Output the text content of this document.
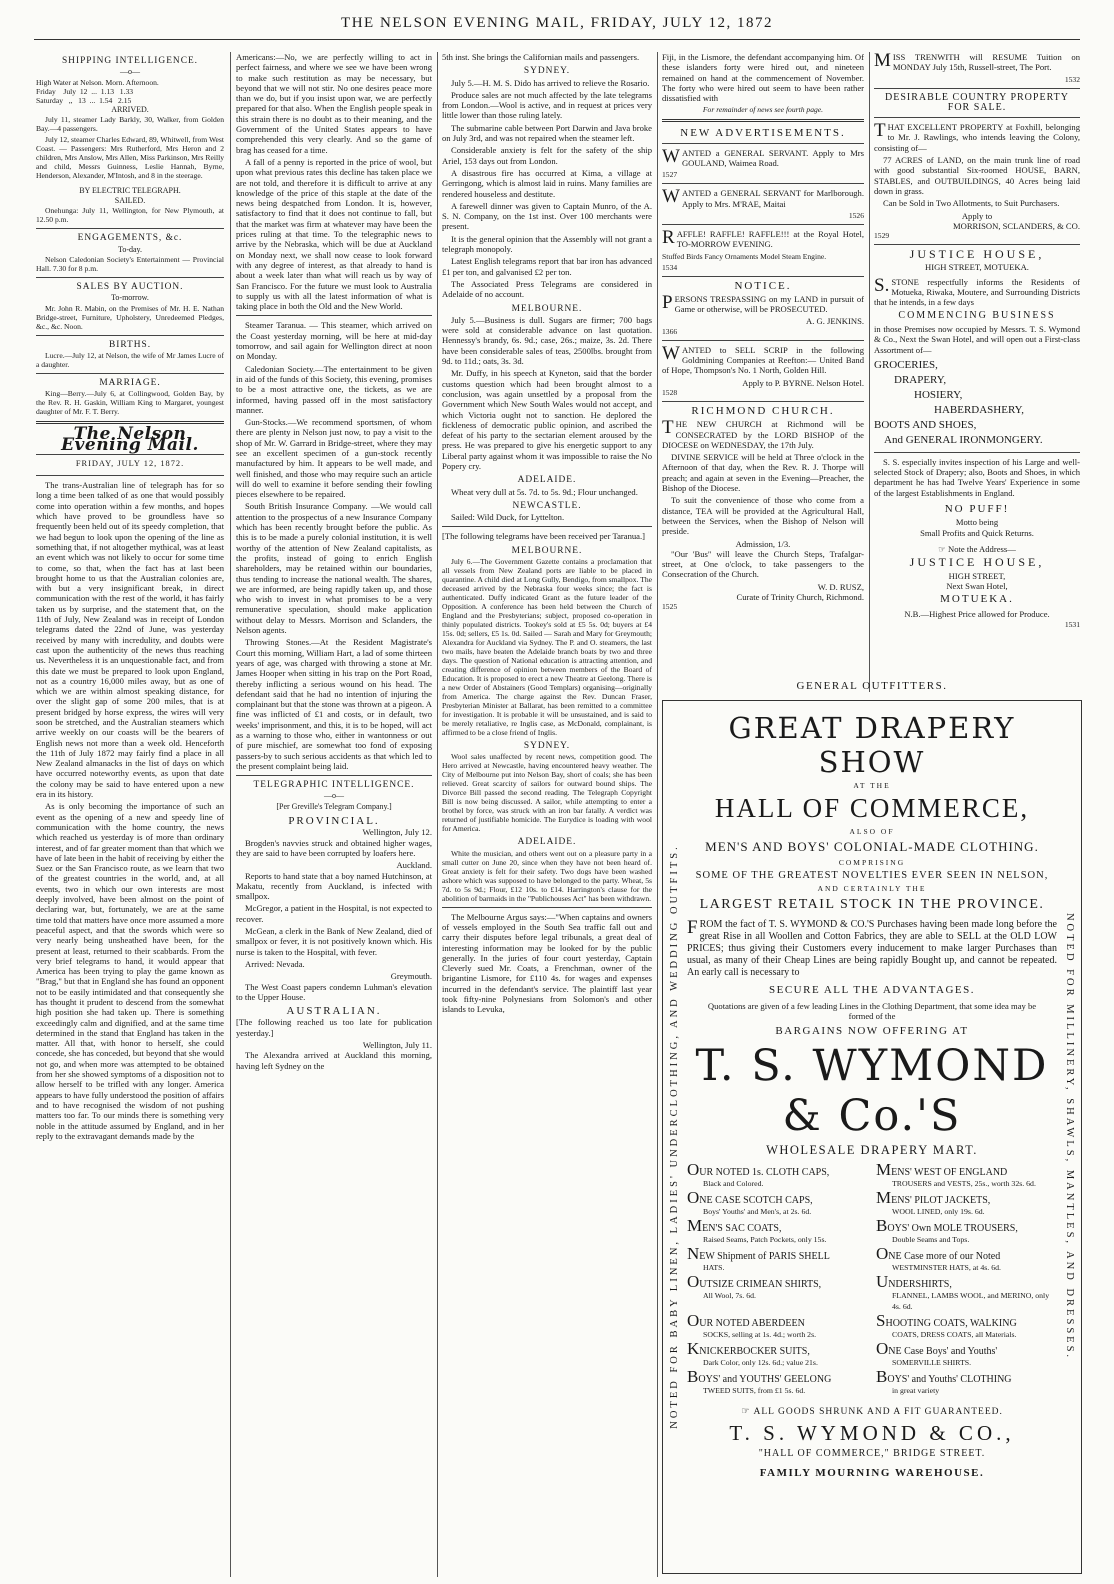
THE NELSON EVENING MAIL, FRIDAY, JULY 12, 1872
SHIPPING INTELLIGENCE.
—o—
High Water at Nelson. Morn. Afternoon.
Friday    July  12  ...  1.13   1.33
Saturday   ,,   13  ...  1.54   2.15
ARRIVED.

July 11, steamer Lady Barkly, 30, Walker, from Golden Bay.—4 passengers.

July 12, steamer Charles Edward, 89, Whitwell, from West Coast. — Passengers: Mrs Rutherford, Mrs Heron and 2 children, Mrs Anslow, Mrs Allen, Miss Parkinson, Mrs Reilly and child, Messrs Guinness, Leslie Hannah, Byrne, Henderson, Alexander, M'Intosh, and 8 in the steerage.

BY ELECTRIC TELEGRAPH.
SAILED.

Onehunga: July 11, Wellington, for New Plymouth, at 12.50 p.m.

ENGAGEMENTS, &c.
To-day.

Nelson Caledonian Society's Entertainment — Provincial Hall. 7.30 for 8 p.m.

SALES BY AUCTION.
To-morrow.

Mr. John R. Mabin, on the Premises of Mr. H. E. Nathan Bridge-street, Furniture, Upholstery, Unredeemed Pledges, &c., &c. Noon.

BIRTHS.

Lucre.—July 12, at Nelson, the wife of Mr James Lucre of a daughter.

MARRIAGE.

King—Berry.—July 6, at Collingwood, Golden Bay, by the Rev. R. H. Gaskin, William King to Margaret, youngest daughter of Mr. F. T. Berry.

The Nelson Evening Mail.
FRIDAY, JULY 12, 1872.

The trans-Australian line of telegraph has for so long a time been talked of as one that would possibly come into operation within a few months, and hopes which have proved to be groundless have so frequently been held out of its speedy completion, that we had begun to look upon the opening of the line as something that, if not altogether mythical, was at least an event which was not likely to occur for some time to come, so that, when the fact has at last been brought home to us that the Australian colonies are, with but a very insignificant break, in direct communication with the rest of the world, it has fairly taken us by surprise, and the statement that, on the 11th of July, New Zealand was in receipt of London telegrams dated the 22nd of June, was yesterday received by many with incredulity, and doubts were cast upon the authenticity of the news thus reaching us. Nevertheless it is an unquestionable fact, and from this date we must be prepared to look upon England, not as a country 16,000 miles away, but as one of which we are within almost speaking distance, for over the slight gap of some 200 miles, that is at present bridged by horse express, the wires will very soon be stretched, and the Australian steamers which arrive weekly on our coasts will be the bearers of English news not more than a week old. Henceforth the 11th of July 1872 may fairly find a place in all New Zealand almanacks in the list of days on which have occurred noteworthy events, as upon that date the colony may be said to have entered upon a new era in its history.

As is only becoming the importance of such an event as the opening of a new and speedy line of communication with the home country, the news which reached us yesterday is of more than ordinary interest, and of far greater moment than that which we have of late been in the habit of receiving by either the Suez or the San Francisco route, as we learn that two of the greatest countries in the world, and, at all events, two in which our own interests are most deeply involved, have been almost on the point of declaring war, but, fortunately, we are at the same time told that matters have once more assumed a more peaceful aspect, and that the swords which were so very nearly being unsheathed have been, for the present at least, returned to their scabbards. From the very brief telegrams to hand, it would appear that America has been trying to play the game known as "Brag," but that in England she has found an opponent not to be easily intimidated and that consequently she has thought it prudent to descend from the somewhat high position she had taken up. There is something exceedingly calm and dignified, and at the same time determined in the stand that England has taken in the matter. All that, with honor to herself, she could concede, she has conceded, but beyond that she would not go, and when more was attempted to be obtained from her she showed symptoms of a disposition not to allow herself to be trifled with any longer. America appears to have fully understood the position of affairs and to have recognised the wisdom of not pushing matters too far. To our minds there is something very noble in the attitude assumed by England, and in her reply to the extravagant demands made by the

Americans:—No, we are perfectly willing to act in perfect fairness, and where we see we have been wrong to make such restitution as may be necessary, but beyond that we will not stir. No one desires peace more than we do, but if you insist upon war, we are perfectly prepared for that also. When the English people speak in this strain there is no doubt as to their meaning, and the Government of the United States appears to have comprehended this very clearly. And so the game of brag has ceased for a time.

A fall of a penny is reported in the price of wool, but upon what previous rates this decline has taken place we are not told, and therefore it is difficult to arrive at any knowledge of the price of this staple at the date of the news being despatched from London. It is, however, satisfactory to find that it does not continue to fall, but that the market was firm at whatever may have been the prices ruling at that time. To the telegraphic news to arrive by the Nebraska, which will be due at Auckland on Monday next, we shall now cease to look forward with any degree of interest, as that already to hand is about a week later than what will reach us by way of San Francisco. For the future we must look to Australia to supply us with all the latest information of what is taking place in both the Old and the New World.

Steamer Taranua. — This steamer, which arrived on the Coast yesterday morning, will be here at mid-day tomorrow, and sail again for Wellington direct at noon on Monday.

Caledonian Society.—The entertainment to be given in aid of the funds of this Society, this evening, promises to be a most attractive one, the tickets, as we are informed, having passed off in the most satisfactory manner.

Gun-Stocks.—We recommend sportsmen, of whom there are plenty in Nelson just now, to pay a visit to the shop of Mr. W. Garrard in Bridge-street, where they may see an excellent specimen of a gun-stock recently manufactured by him. It appears to be well made, and well finished, and those who may require such an article will do well to examine it before sending their fowling pieces elsewhere to be repaired.

South British Insurance Company. —We would call attention to the prospectus of a new Insurance Company which has been recently brought before the public. As this is to be made a purely colonial institution, it is well worthy of the attention of New Zealand capitalists, as the profits, instead of going to enrich English shareholders, may be retained within our boundaries, thus tending to increase the national wealth. The shares, we are informed, are being rapidly taken up, and those who wish to invest in what promises to be a very remunerative speculation, should make application without delay to Messrs. Morrison and Sclanders, the Nelson agents.

Throwing Stones.—At the Resident Magistrate's Court this morning, William Hart, a lad of some thirteen years of age, was charged with throwing a stone at Mr. James Hooper when sitting in his trap on the Port Road, thereby inflicting a serious wound on his head. The defendant said that he had no intention of injuring the complainant but that the stone was thrown at a pigeon. A fine was inflicted of £1 and costs, or in default, two weeks' imprisonment, and this, it is to be hoped, will act as a warning to those who, either in wantonness or out of pure mischief, are somewhat too fond of exposing passers-by to such serious accidents as that which led to the present complaint being laid.

TELEGRAPHIC INTELLIGENCE.
—o—
[Per Greville's Telegram Company.]
PROVINCIAL.
Wellington, July 12.

Brogden's navvies struck and obtained higher wages, they are said to have been corrupted by loafers here.

Auckland.

Reports to hand state that a boy named Hutchinson, at Makatu, recently from Auckland, is infected with smallpox.

McGregor, a patient in the Hospital, is not expected to recover.

McGean, a clerk in the Bank of New Zealand, died of smallpox or fever, it is not positively known which. His nurse is taken to the Hospital, with fever.

Arrived: Nevada.

Greymouth.

The West Coast papers condemn Luhman's elevation to the Upper House.

AUSTRALIAN.

[The following reached us too late for publication yesterday.]

Wellington, July 11.

The Alexandra arrived at Auckland this morning, having left Sydney on the

5th inst. She brings the Californian mails and passengers.

SYDNEY.

July 5.—H. M. S. Dido has arrived to relieve the Rosario.

Produce sales are not much affected by the late telegrams from London.—Wool is active, and in request at prices very little lower than those ruling lately.

The submarine cable between Port Darwin and Java broke on July 3rd, and was not repaired when the steamer left.

Considerable anxiety is felt for the safety of the ship Ariel, 153 days out from London.

A disastrous fire has occurred at Kima, a village at Gerringong, which is almost laid in ruins. Many families are rendered houseless and destitute.

A farewell dinner was given to Captain Munro, of the A. S. N. Company, on the 1st inst. Over 100 merchants were present.

It is the general opinion that the Assembly will not grant a telegraph monopoly.

Latest English telegrams report that bar iron has advanced £1 per ton, and galvanised £2 per ton.

The Associated Press Telegrams are considered in Adelaide of no account.

MELBOURNE.

July 5.—Business is dull. Sugars are firmer; 700 bags were sold at considerable advance on last quotation. Hennessy's brandy, 6s. 9d.; case, 26s.; maize, 3s. 2d. There have been considerable sales of teas, 2500lbs. brought from 9d. to 11d.; oats, 3s. 3d.

Mr. Duffy, in his speech at Kyneton, said that the border customs question which had been brought almost to a conclusion, was again unsettled by a proposal from the Government which New South Wales would not accept, and which Victoria ought not to sanction. He deplored the fickleness of democratic public opinion, and ascribed the defeat of his party to the sectarian element aroused by the press. He was prepared to give his energetic support to any Liberal party against whom it was impossible to raise the No Popery cry.

ADELAIDE.

Wheat very dull at 5s. 7d. to 5s. 9d.; Flour unchanged.

NEWCASTLE.

Sailed: Wild Duck, for Lyttelton.

[The following telegrams have been received per Taranua.]

MELBOURNE.

July 6.—The Government Gazette contains a proclamation that all vessels from New Zealand ports are liable to be placed in quarantine. A child died at Long Gully, Bendigo, from smallpox. The deceased arrived by the Nebraska four weeks since; the fact is authenticated. Duffy indicated Grant as the future leader of the Opposition. A conference has been held between the Church of England and the Presbyterians; subject, proposed co-operation in thinly populated districts. Tookey's sold at £5 5s. 0d; buyers at £4 15s. 0d; sellers, £5 1s. 0d. Sailed — Sarah and Mary for Greymouth; Alexandra for Auckland via Sydney. The P. and O. steamers, the last two mails, have beaten the Adelaide branch boats by two and three days. The question of National education is attracting attention, and creating difference of opinion between members of the Board of Education. It is proposed to erect a new Theatre at Geelong. There is a new Order of Abstainers (Good Templars) organising—originally from America. The charge against the Rev. Duncan Fraser, Presbyterian Minister at Ballarat, has been remitted to a committee for investigation. It is probable it will be unsustained, and is said to be merely retaliative, re Inglis case, as McDonald, complainant, is affirmed to be a close friend of Inglis.

SYDNEY.

Wool sales unaffected by recent news, competition good. The Hero arrived at Newcastle, having encountered heavy weather. The City of Melbourne put into Nelson Bay, short of coals; she has been relieved. Great scarcity of sailors for outward bound ships. The Divorce Bill passed the second reading. The Telegraph Copyright Bill is now being discussed. A sailor, while attempting to enter a brothel by force, was struck with an iron bar fatally. A verdict was returned of justifiable homicide. The Eurydice is loading with wool for America.

ADELAIDE.

White the musician, and others went out on a pleasure party in a small cutter on June 20, since when they have not been heard of. Great anxiety is felt for their safety. Two dogs have been washed ashore which was supposed to have belonged to the party. Wheat, 5s 7d. to 5s 9d.; Flour, £12 10s. to £14. Harrington's clause for the abolition of barmaids in the "Publichouses Act" has been withdrawn.

The Melbourne Argus says:—"When captains and owners of vessels employed in the South Sea traffic fall out and carry their disputes before legal tribunals, a great deal of interesting information may be looked for by the public generally. In the juries of four court yesterday, Captain Cleverly sued Mr. Coats, a Frenchman, owner of the brigantine Lismore, for £110 4s. for wages and expenses incurred in the defendant's service. The plaintiff last year took fifty-nine Polynesians from Solomon's and other islands to Levuka,

Fiji, in the Lismore, the defendant accompanying him. Of these islanders forty were hired out, and nineteen remained on hand at the commencement of November. The forty who were hired out seem to have been rather dissatisfied with

For remainder of news see fourth page.
NEW ADVERTISEMENTS.

WANTED a GENERAL SERVANT. Apply to Mrs GOULAND, Waimea Road.

1527

WANTED a GENERAL SERVANT for Marlborough. Apply to Mrs. M'RAE, Maitai

1526

RAFFLE! RAFFLE! RAFFLE!!! at the Royal Hotel, TO-MORROW EVENING.

Stuffed Birds Fancy Ornaments Model Steam Engine.

1534
NOTICE.

PERSONS TRESPASSING on my LAND in pursuit of Game or otherwise, will be PROSECUTED.

A. G. JENKINS.
1366

WANTED to SELL SCRIP in the following Goldmining Companies at Reefton:— United Band of Hope, Thompson's No. 1 North, Golden Hill.

Apply to P. BYRNE. Nelson Hotel.
1528
RICHMOND CHURCH.

THE NEW CHURCH at Richmond will be CONSECRATED by the LORD BISHOP of the DIOCESE on WEDNESDAY, the 17th July.

DIVINE SERVICE will be held at Three o'clock in the Afternoon of that day, when the Rev. R. J. Thorpe will preach; and again at seven in the Evening—Preacher, the Bishop of the Diocese.

To suit the convenience of those who come from a distance, TEA will be provided at the Agricultural Hall, between the Services, when the Bishop of Nelson will preside.

Admission, 1/3.

"Our 'Bus" will leave the Church Steps, Trafalgar-street, at One o'clock, to take passengers to the Consecration of the Church.

W. D. RUSZ,
Curate of Trinity Church, Richmond.
1525

MISS TRENWITH will RESUME Tuition on MONDAY July 15th, Russell-street, The Port.

1532
DESIRABLE COUNTRY PROPERTY FOR SALE.

THAT EXCELLENT PROPERTY at Foxhill, belonging to Mr. J. Rawlings, who intends leaving the Colony, consisting of—

77 ACRES of LAND, on the main trunk line of road with good substantial Six-roomed HOUSE, BARN, STABLES, and OUTBUILDINGS, 40 Acres being laid down in grass.

Can be Sold in Two Allotments, to Suit Purchasers.

Apply to
MORRISON, SCLANDERS, & CO.
1529
JUSTICE HOUSE,
HIGH STREET, MOTUEKA.

S.STONE respectfully informs the Residents of Motueka, Riwaka, Moutere, and Surrounding Districts that he intends, in a few days

COMMENCING BUSINESS

in those Premises now occupied by Messrs. T. S. Wymond & Co., Next the Swan Hotel, and will open out a First-class Assortment of—

GROCERIES,
DRAPERY,
HOSIERY,
HABERDASHERY,
BOOTS AND SHOES,
And GENERAL IRONMONGERY.

S. S. especially invites inspection of his Large and well-selected Stock of Drapery; also, Boots and Shoes, in which department he has had Twelve Years' Experience in some of the largest Establishments in England.

NO PUFF!
Motto being
Small Profits and Quick Returns.
☞ Note the Address—
JUSTICE HOUSE,
HIGH STREET,
Next Swan Hotel,
MOTUEKA.
N.B.—Highest Price allowed for Produce.
1531
GENERAL OUTFITTERS.
NOTED FOR BABY LINEN, LADIES' UNDERCLOTHING, AND WEDDING OUTFITS.	NOTED FOR MILLINERY, SHAWLS, MANTLES, AND DRESSES.
GREAT DRAPERY SHOW
AT THE
HALL OF COMMERCE,
ALSO OF
MEN'S AND BOYS' COLONIAL-MADE CLOTHING.
COMPRISING
SOME OF THE GREATEST NOVELTIES EVER SEEN IN NELSON,
AND CERTAINLY THE
LARGEST RETAIL STOCK IN THE PROVINCE.
FROM the fact of T. S. WYMOND & CO.'S Purchases having been made long before the great Rise in all Woollen and Cotton Fabrics, they are able to SELL at the OLD LOW PRICES; thus giving their Customers every inducement to make larger Purchases than usual, as many of their Cheap Lines are being rapidly Bought up, and cannot be repeated. An early call is necessary to
SECURE ALL THE ADVANTAGES.
Quotations are given of a few leading Lines in the Clothing Department, that some idea may be formed of the
BARGAINS NOW OFFERING AT
T. S. WYMOND & Co.'S
WHOLESALE DRAPERY MART.
OUR NOTED 1s. CLOTH CAPS,
Black and Colored.
MENS' WEST OF ENGLAND
TROUSERS and VESTS, 25s., worth 32s. 6d.
ONE CASE SCOTCH CAPS,
Boys' Youths' and Men's, at 2s. 6d.
MENS' PILOT JACKETS,
WOOL LINED, only 19s. 6d.
MEN'S SAC COATS,
Raised Seams, Patch Pockets, only 15s.
BOYS' Own MOLE TROUSERS,
Double Seams and Tops.
NEW Shipment of PARIS SHELL
HATS.
ONE Case more of our Noted
WESTMINSTER HATS, at 4s. 6d.
OUTSIZE CRIMEAN SHIRTS,
All Wool, 7s. 6d.
UNDERSHIRTS,
FLANNEL, LAMBS WOOL, and MERINO, only 4s. 6d.
OUR NOTED ABERDEEN
SOCKS, selling at 1s. 4d.; worth 2s.
SHOOTING COATS, WALKING
COATS, DRESS COATS, all Materials.
KNICKERBOCKER SUITS,
Dark Color, only 12s. 6d.; value 21s.
ONE Case Boys' and Youths'
SOMERVILLE SHIRTS.
BOYS' and YOUTHS' GEELONG
TWEED SUITS, from £1 5s. 6d.
BOYS' and Youths' CLOTHING
in great variety
☞ ALL GOODS SHRUNK AND A FIT GUARANTEED.
T. S. WYMOND & CO.,
"HALL OF COMMERCE," BRIDGE STREET.
FAMILY MOURNING WAREHOUSE.
